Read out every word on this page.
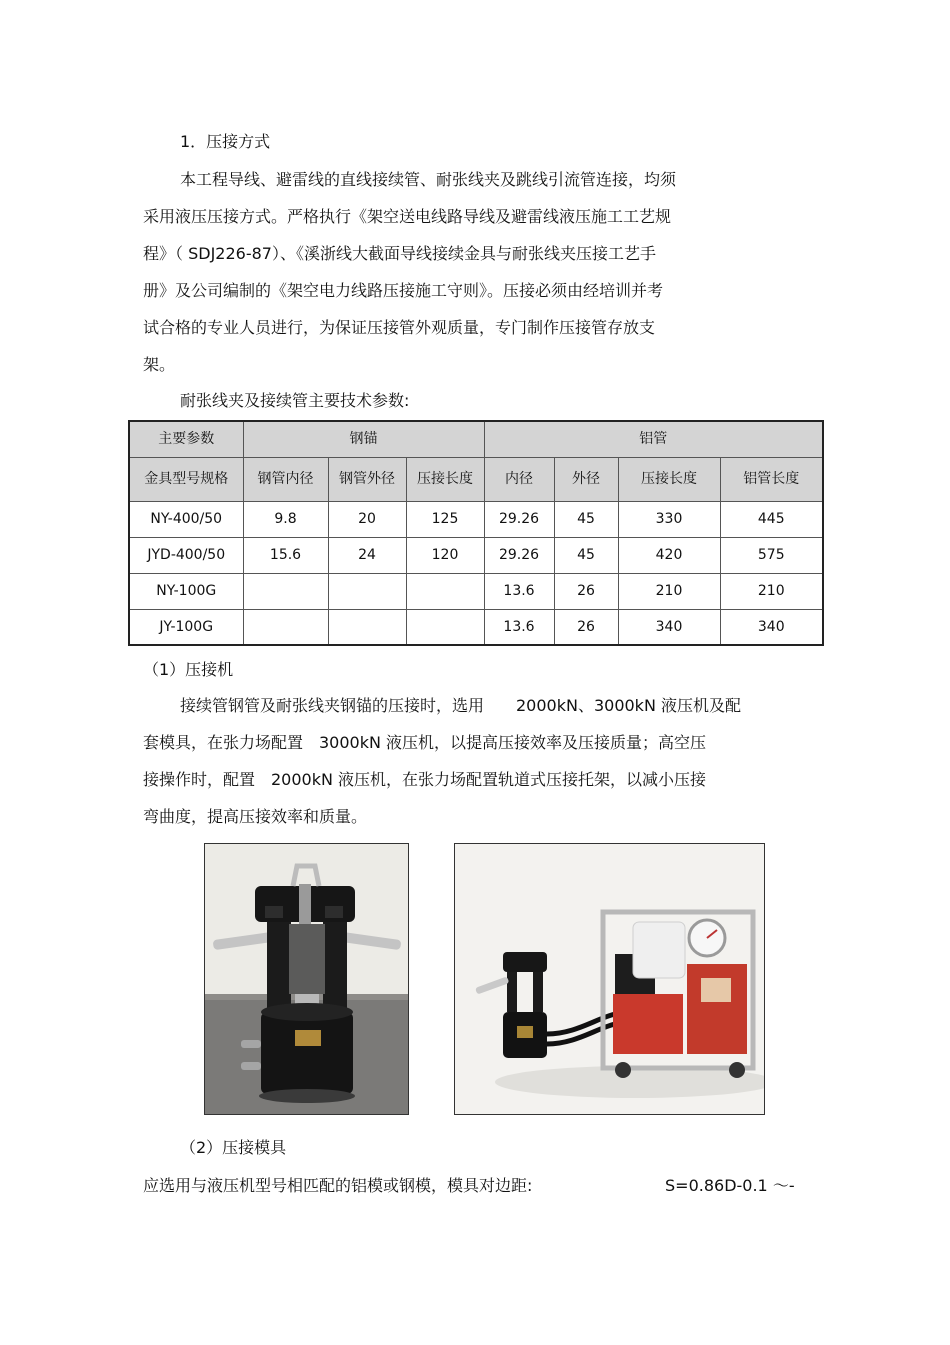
1．压接方式
本工程导线、避雷线的直线接续管、耐张线夹及跳线引流管连接，均须
采用液压压接方式。严格执行《架空送电线路导线及避雷线液压施工工艺规
程》（ SDJ226-87）、《溪浙线大截面导线接续金具与耐张线夹压接工艺手
册》及公司编制的《架空电力线路压接施工守则》。压接必须由经培训并考
试合格的专业人员进行，为保证压接管外观质量，专门制作压接管存放支
架。
耐张线夹及接续管主要技术参数:
主要参数	钢锚			铝管			
金具型号规格	钢管内径	钢管外径	压接长度	内径	外径	压接长度	铝管长度
NY-400/50	9.8	20	125	29.26	45	330	445
JYD-400/50	15.6	24	120	29.26	45	420	575
NY-100G				13.6	26	210	210
JY-100G				13.6	26	340	340
（1）压接机
接续管钢管及耐张线夹钢锚的压接时，选用　　2000kN、3000kN 液压机及配
套模具，在张力场配置　3000kN 液压机，以提高压接效率及压接质量；高空压
接操作时，配置　2000kN 液压机，在张力场配置轨道式压接托架，以减小压接
弯曲度，提高压接效率和质量。
（2）压接模具
应选用与液压机型号相匹配的铝模或钢模，模具对边距:	S=0.86D-0.1 ～-
